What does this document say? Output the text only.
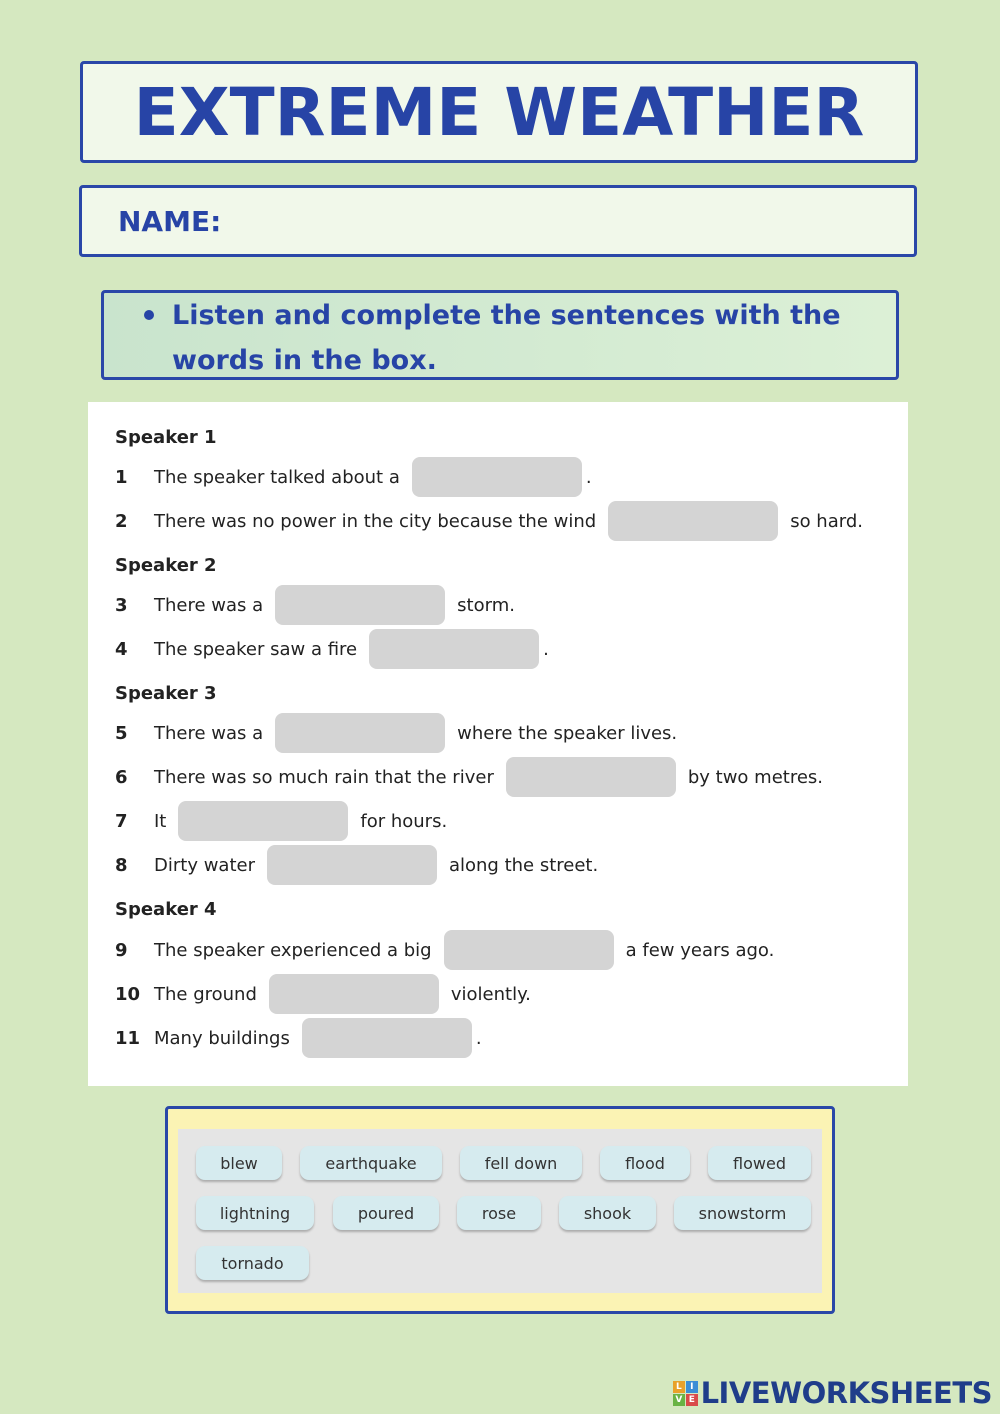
EXTREME WEATHER
NAME:
Listen and complete the sentences with the words in the box.
Speaker 1
1	The speaker talked about a	.
2	There was no power in the city because the wind	so hard.
Speaker 2
3	There was a	storm.
4	The speaker saw a fire	.
Speaker 3
5	There was a	where the speaker lives.
6	There was so much rain that the river	by two metres.
7	It	for hours.
8	Dirty water	along the street.
Speaker 4
9	The speaker experienced a big	a few years ago.
10 The ground	violently.
11 Many buildings	.
blew	earthquake	fell down	flood	flowed
lightning	poured	rose	shook	snowstorm
tornado
L I
V E LIVEWORKSHEETS
